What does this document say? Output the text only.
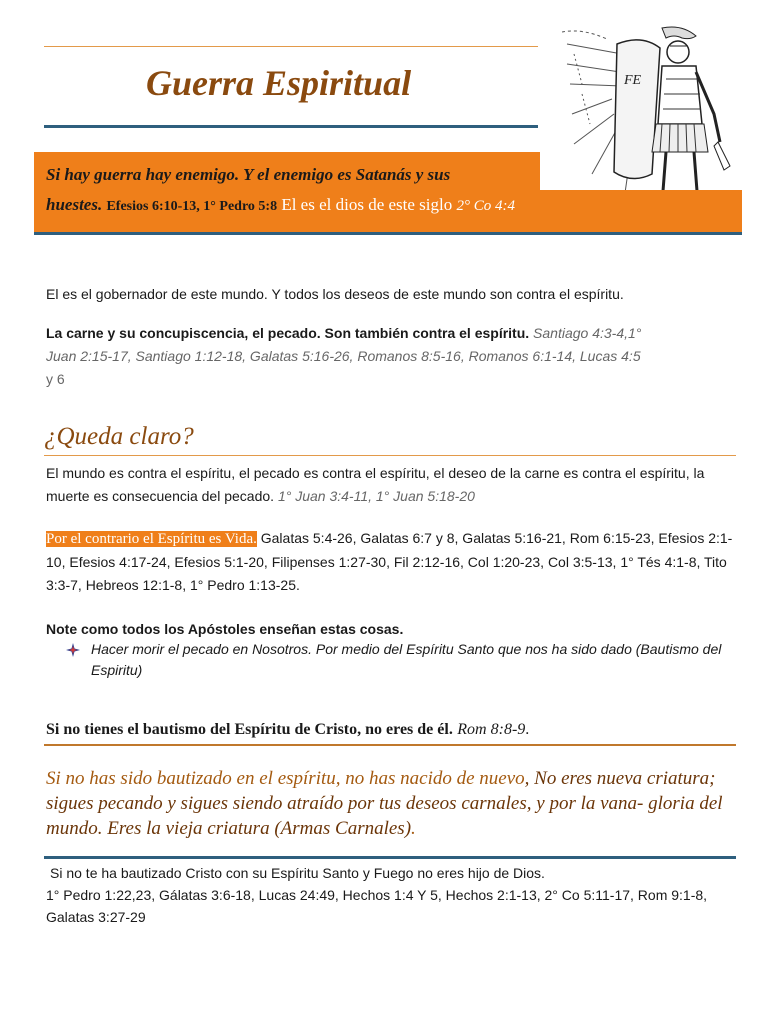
Guerra Espiritual	FE
Si hay guerra hay enemigo. Y el enemigo es Satanás y sus
huestes. Efesios 6:10-13, 1° Pedro 5:8 El es el dios de este siglo 2° Co 4:4
El es el gobernador de este mundo. Y todos los deseos de este mundo son contra el espíritu.
La carne y su concupiscencia, el pecado. Son también contra el espíritu. Santiago 4:3-4,1°
Juan 2:15-17, Santiago 1:12-18, Galatas 5:16-26, Romanos 8:5-16, Romanos 6:1-14, Lucas 4:5
y 6
¿Queda claro?
El mundo es contra el espíritu, el pecado es contra el espíritu, el deseo de la carne es contra el espíritu, la muerte es consecuencia del pecado. 1° Juan 3:4-11, 1° Juan 5:18-20
Por el contrario el Espíritu es Vida. Galatas 5:4-26, Galatas 6:7 y 8, Galatas 5:16-21, Rom 6:15-23, Efesios 2:1-10, Efesios 4:17-24, Efesios 5:1-20, Filipenses 1:27-30, Fil 2:12-16, Col 1:20-23, Col 3:5-13, 1° Tés 4:1-8, Tito 3:3-7, Hebreos 12:1-8, 1° Pedro 1:13-25.
Note como todos los Apóstoles enseñan estas cosas.
Hacer morir el pecado en Nosotros. Por medio del Espíritu Santo que nos ha sido dado (Bautismo del Espiritu)
Si no tienes el bautismo del Espíritu de Cristo, no eres de él. Rom 8:8-9.
Si no has sido bautizado en el espíritu, no has nacido de nuevo, No eres nueva criatura; sigues pecando y sigues siendo atraído por tus deseos carnales, y por la vana- gloria del mundo. Eres la vieja criatura (Armas Carnales).
Si no te ha bautizado Cristo con su Espíritu Santo y Fuego no eres hijo de Dios.
1° Pedro 1:22,23, Gálatas 3:6-18, Lucas 24:49, Hechos 1:4 Y 5, Hechos 2:1-13, 2° Co 5:11-17, Rom 9:1-8, Galatas 3:27-29
